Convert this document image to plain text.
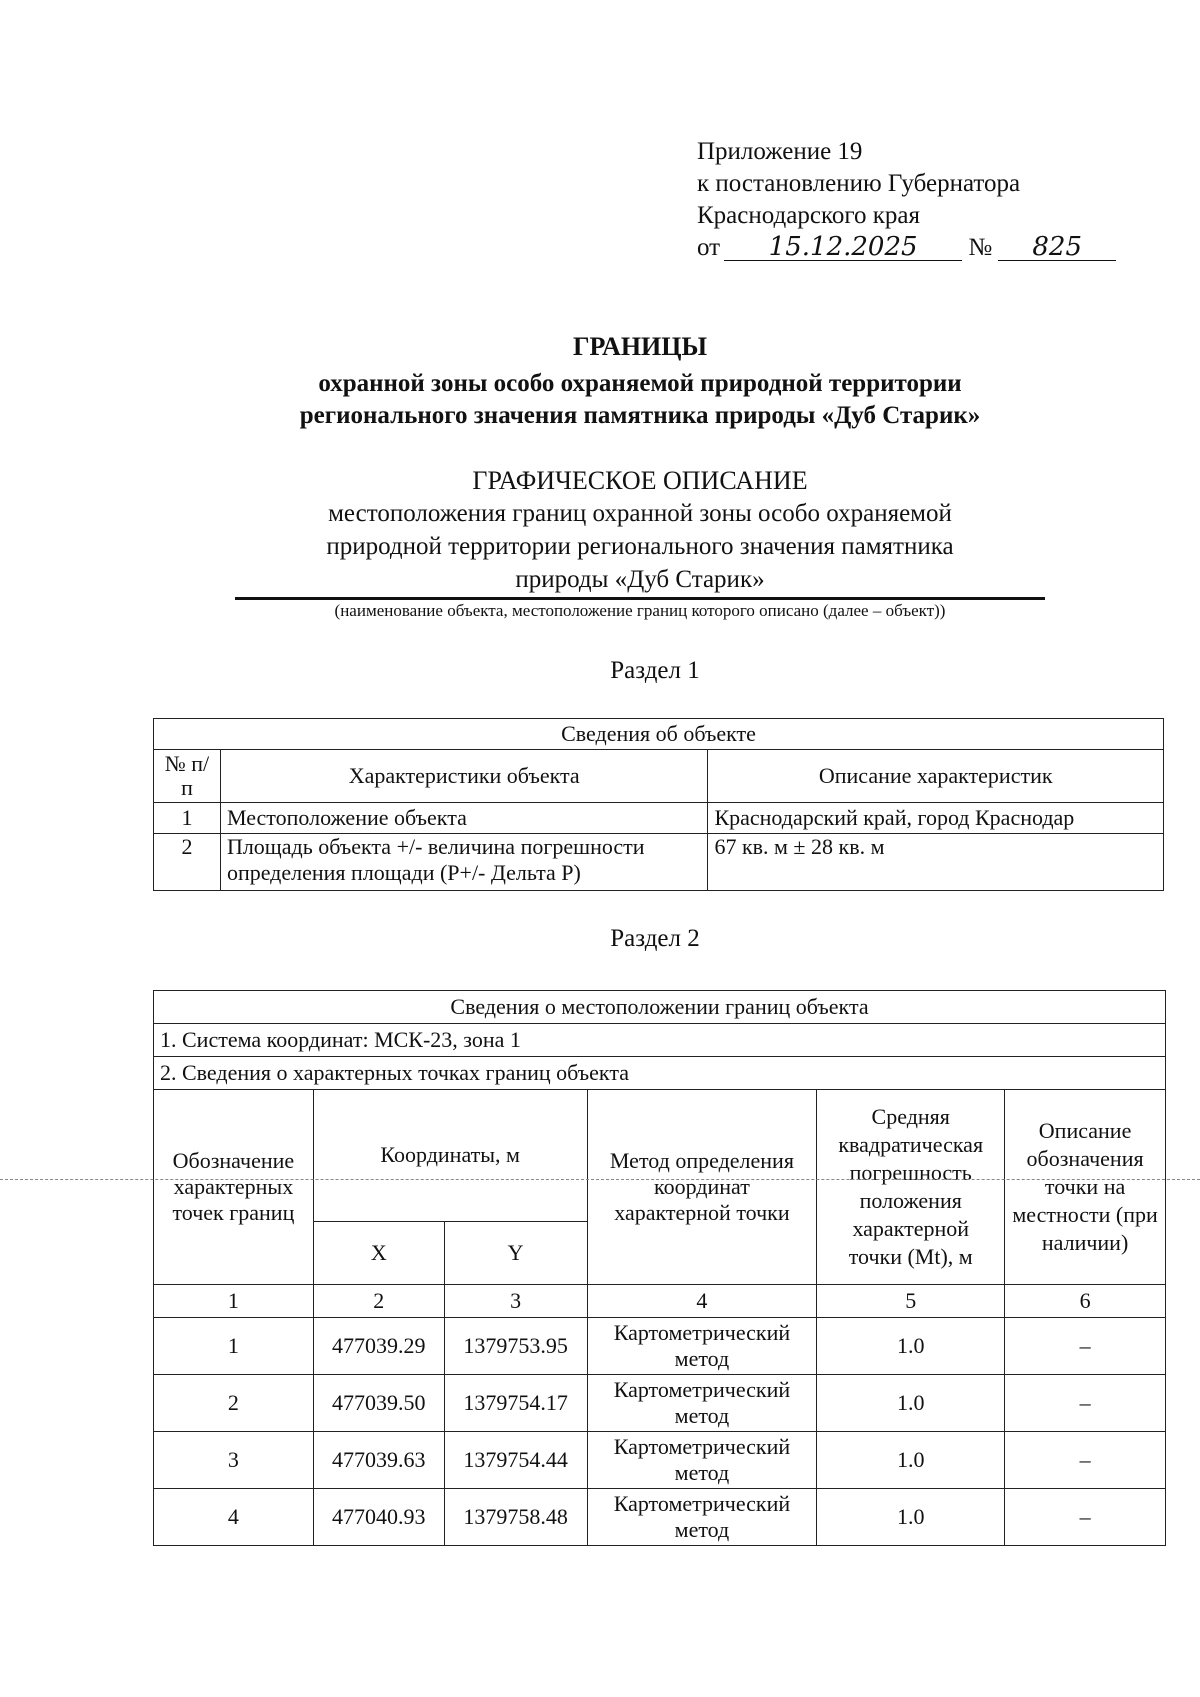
Приложение 19
к постановлению Губернатора
Краснодарского края
от 15.12.2025 № 825
ГРАНИЦЫ
охранной зоны особо охраняемой природной территории
регионального значения памятника природы «Дуб Старик»
ГРАФИЧЕСКОЕ ОПИСАНИЕ
местоположения границ охранной зоны особо охраняемой
природной территории регионального значения памятника
природы «Дуб Старик»
(наименование объекта, местоположение границ которого описано (далее – объект))
Раздел 1
Сведения об объекте		
№ п/п	Характеристики объекта	Описание характеристик
1	Местоположение объекта	Краснодарский край, город Краснодар
2	Площадь объекта +/- величина погрешности определения площади (Р+/- Дельта Р)	67 кв. м ± 28 кв. м
Раздел 2
Сведения о местоположении границ объекта					
1. Система координат: МСК-23, зона 1					
2. Сведения о характерных точках границ объекта					
Обозначение характерных точек границ	Координаты, м		Метод определения координат характерной точки	Средняя квадратическая погрешность положения характерной точки (Mt), м	Описание обозначения точки на местности (при наличии)
	X	Y			
1	2	3	4	5	6
1	477039.29	1379753.95	Картометрический метод	1.0	–
2	477039.50	1379754.17	Картометрический метод	1.0	–
3	477039.63	1379754.44	Картометрический метод	1.0	–
4	477040.93	1379758.48	Картометрический метод	1.0	–
